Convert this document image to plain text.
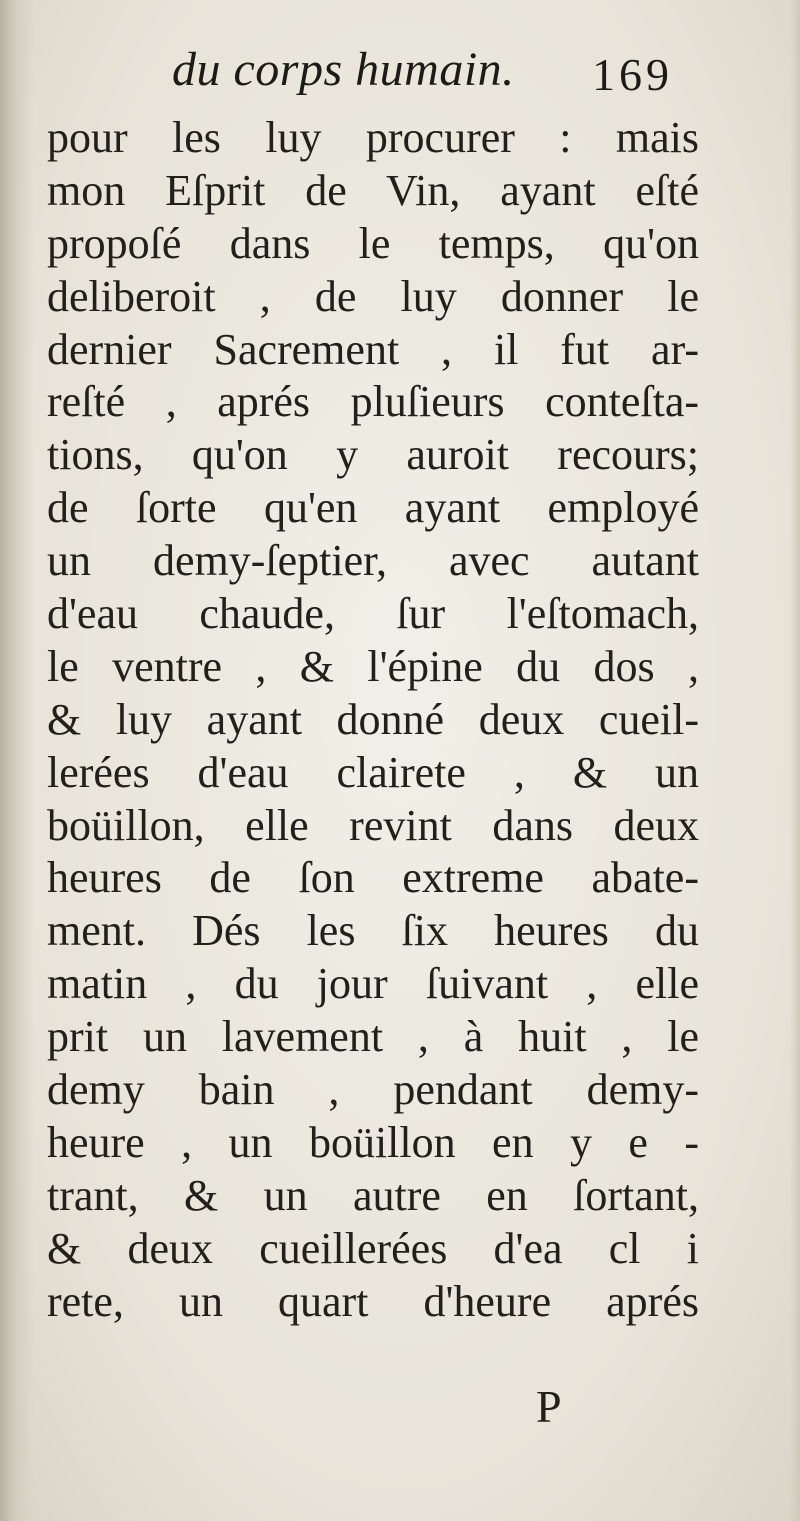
du corps humain. 169
pour les luy procurer : mais
mon Eſprit de Vin, ayant eſté
propoſé dans le temps, qu'on
deliberoit , de luy donner le
dernier Sacrement , il fut ar-
reſté , aprés pluſieurs conteſta-
tions, qu'on y auroit recours;
de ſorte qu'en ayant employé
un demy-ſeptier, avec autant
d'eau chaude, ſur l'eſtomach,
le ventre , & l'épine du dos ,
& luy ayant donné deux cueil-
lerées d'eau clairete , & un
boüillon, elle revint dans deux
heures de ſon extreme abate-
ment. Dés les ſix heures du
matin , du jour ſuivant , elle
prit un lavement , à huit , le
demy bain , pendant demy-
heure , un boüillon en y e -
trant, & un autre en ſortant,
& deux cueillerées d'ea cl i
rete, un quart d'heure aprés
P
